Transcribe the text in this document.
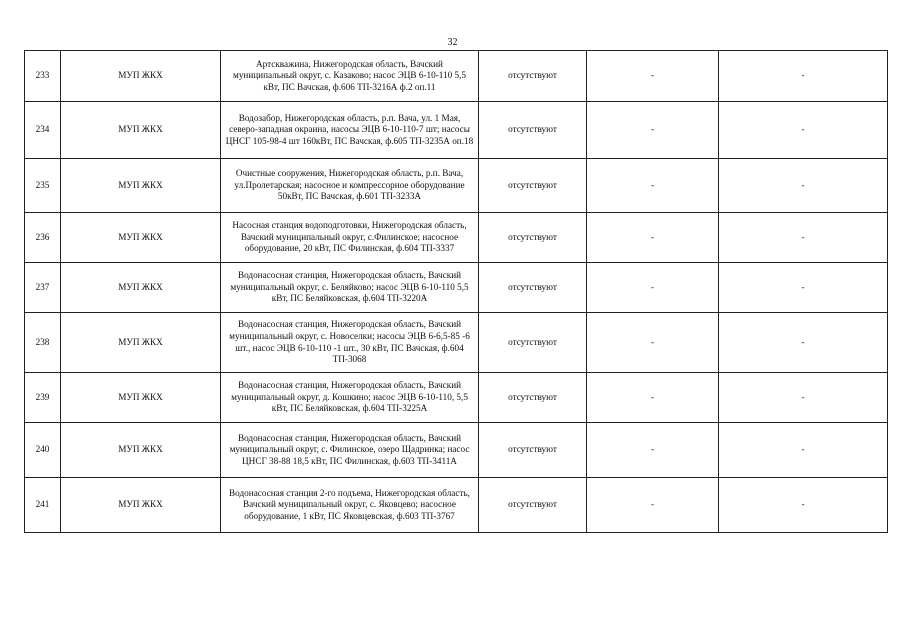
32
233	МУП ЖКХ	Артскважина, Нижегородская область, Вачский муниципальный округ, с. Казаково; насос ЭЦВ 6-10-110 5,5 кВт, ПС Вачская, ф.606 ТП-3216А ф.2 оп.11	отсутствуют	-	-
234	МУП ЖКХ	Водозабор, Нижегородская область, р.п. Вача, ул. 1 Мая, северо-западная окраина, насосы ЭЦВ 6-10-110-7 шт; насосы ЦНСГ 105-98-4 шт 160кВт, ПС Вачская, ф.605 ТП-3235А оп.18	отсутствуют	-	-
235	МУП ЖКХ	Очистные сооружения, Нижегородская область, р.п. Вача, ул.Пролетарская; насосное и компрессорное оборудование 50кВт, ПС Вачская, ф.601 ТП-3233А	отсутствуют	-	-
236	МУП ЖКХ	Насосная станция водоподготовки, Нижегородская область, Вачский муниципальный округ, с.Филинское; насосное оборудование, 20 кВт, ПС Филинская, ф.604 ТП-3337	отсутствуют	-	-
237	МУП ЖКХ	Водонасосная станция, Нижегородская область, Вачский муниципальный округ, с. Беляйково; насос ЭЦВ 6-10-110 5,5 кВт, ПС Беляйковская, ф.604 ТП-3220А	отсутствуют	-	-
238	МУП ЖКХ	Водонасосная станция, Нижегородская область, Вачский муниципальный округ, с. Новоселки; насосы ЭЦВ 6-6,5-85 -6 шт., насос ЭЦВ 6-10-110 -1 шт., 30 кВт, ПС Вачская, ф.604 ТП-3068	отсутствуют	-	-
239	МУП ЖКХ	Водонасосная станция, Нижегородская область, Вачский муниципальный округ, д. Кошкино; насос ЭЦВ 6-10-110, 5,5 кВт, ПС Беляйковская, ф.604 ТП-3225А	отсутствуют	-	-
240	МУП ЖКХ	Водонасосная станция, Нижегородская область, Вачский муниципальный округ, с. Филинское, озеро Щадринка; насос ЦНСГ 38-88 18,5 кВт, ПС Филинская, ф.603 ТП-3411А	отсутствуют	-	-
241	МУП ЖКХ	Водонасосная станция 2-го подъема, Нижегородская область, Вачский муниципальный округ, с. Яковцево; насосное оборудование, 1 кВт, ПС Яковцевская, ф.603 ТП-3767	отсутствуют	-	-
